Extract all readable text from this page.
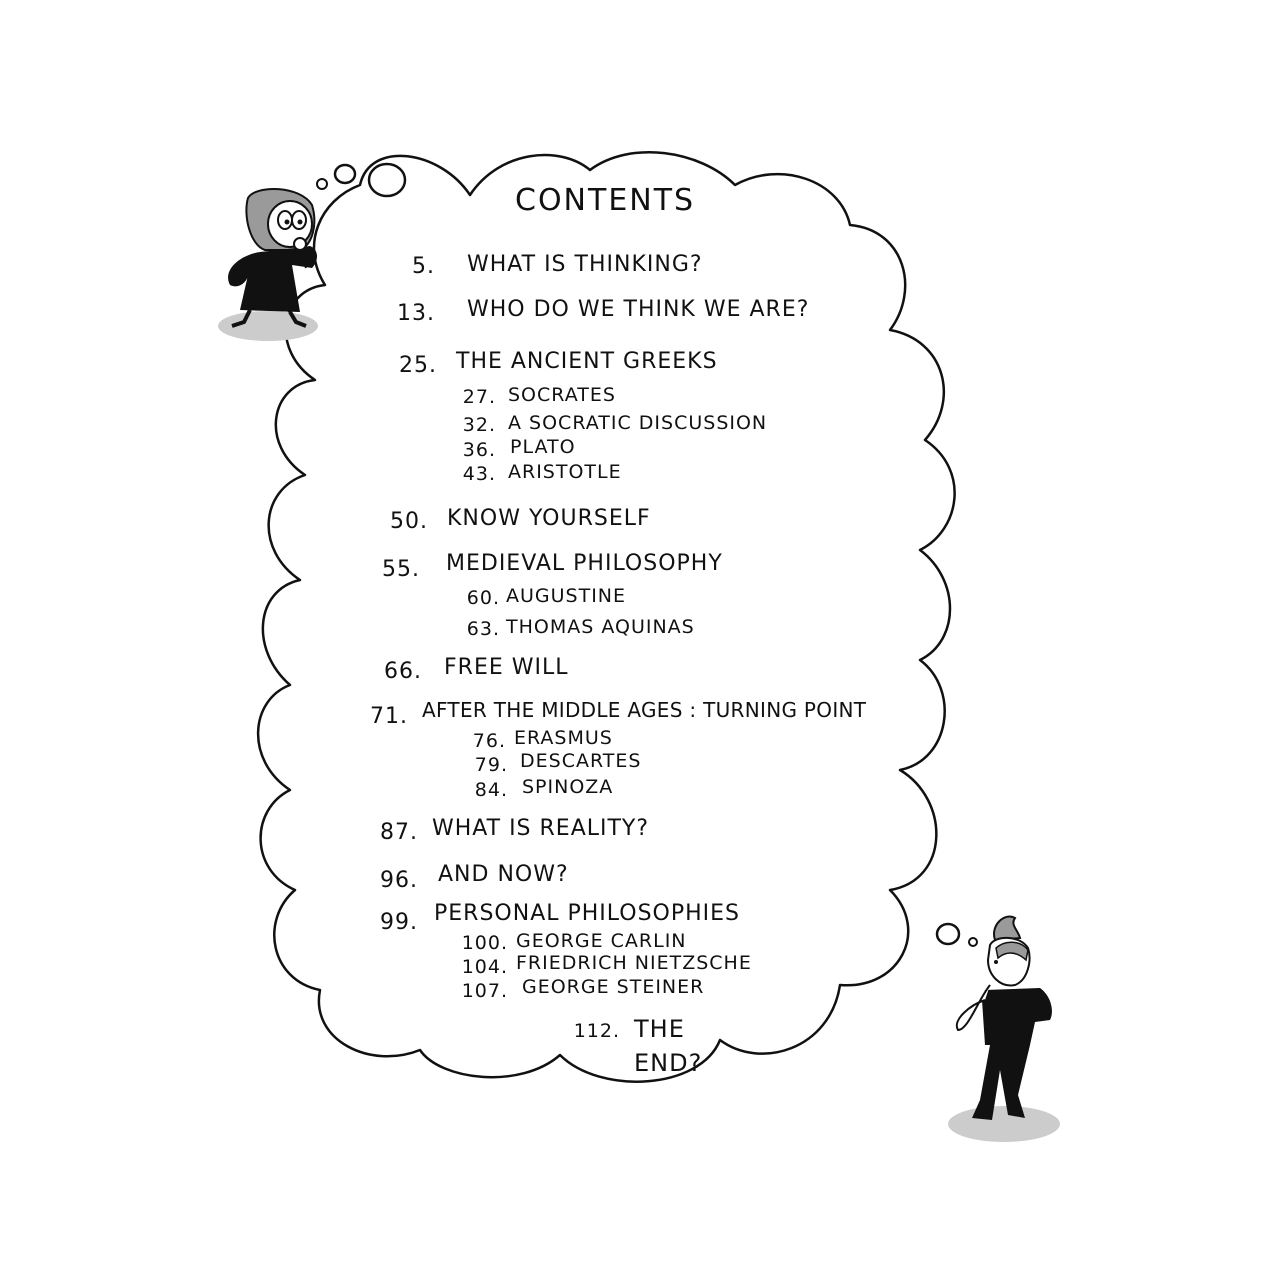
CONTENTS
5. WHAT IS THINKING?
13. WHO DO WE THINK WE ARE?
25. THE ANCIENT GREEKS
27. SOCRATES
32. A SOCRATIC DISCUSSION
36. PLATO
43. ARISTOTLE
50. KNOW YOURSELF
55. MEDIEVAL PHILOSOPHY
60. AUGUSTINE
63. THOMAS AQUINAS
66. FREE WILL
71. AFTER THE MIDDLE AGES : TURNING POINT
76. ERASMUS
79. DESCARTES
84. SPINOZA
87. WHAT IS REALITY?
96. AND NOW?
99. PERSONAL PHILOSOPHIES
100. GEORGE CARLIN
104. FRIEDRICH NIETZSCHE
107. GEORGE STEINER
112. THE
END?
